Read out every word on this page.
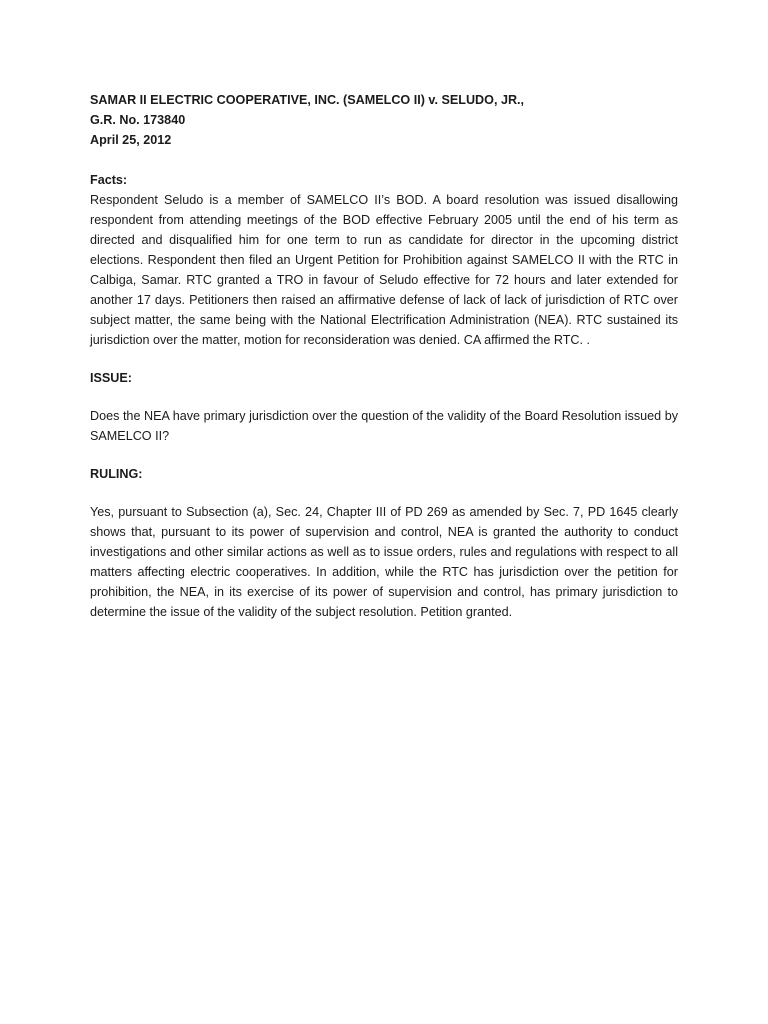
SAMAR II ELECTRIC COOPERATIVE, INC. (SAMELCO II) v. SELUDO, JR.,

G.R. No. 173840

April 25, 2012

Facts:

Respondent Seludo is a member of SAMELCO II’s BOD. A board resolution was issued disallowing respondent from attending meetings of the BOD effective February 2005 until the end of his term as directed and disqualified him for one term to run as candidate for director in the upcoming district elections. Respondent then filed an Urgent Petition for Prohibition against SAMELCO II with the RTC in Calbiga, Samar. RTC granted a TRO in favour of Seludo effective for 72 hours and later extended for another 17 days. Petitioners then raised an affirmative defense of lack of lack of jurisdiction of RTC over subject matter, the same being with the National Electrification Administration (NEA). RTC sustained its jurisdiction over the matter, motion for reconsideration was denied. CA affirmed the RTC. .

ISSUE:

Does the NEA have primary jurisdiction over the question of the validity of the Board Resolution issued by SAMELCO II?

RULING:

Yes, pursuant to Subsection (a), Sec. 24, Chapter III of PD 269 as amended by Sec. 7, PD 1645 clearly shows that, pursuant to its power of supervision and control, NEA is granted the authority to conduct investigations and other similar actions as well as to issue orders, rules and regulations with respect to all matters affecting electric cooperatives. In addition, while the RTC has jurisdiction over the petition for prohibition, the NEA, in its exercise of its power of supervision and control, has primary jurisdiction to determine the issue of the validity of the subject resolution. Petition granted.
